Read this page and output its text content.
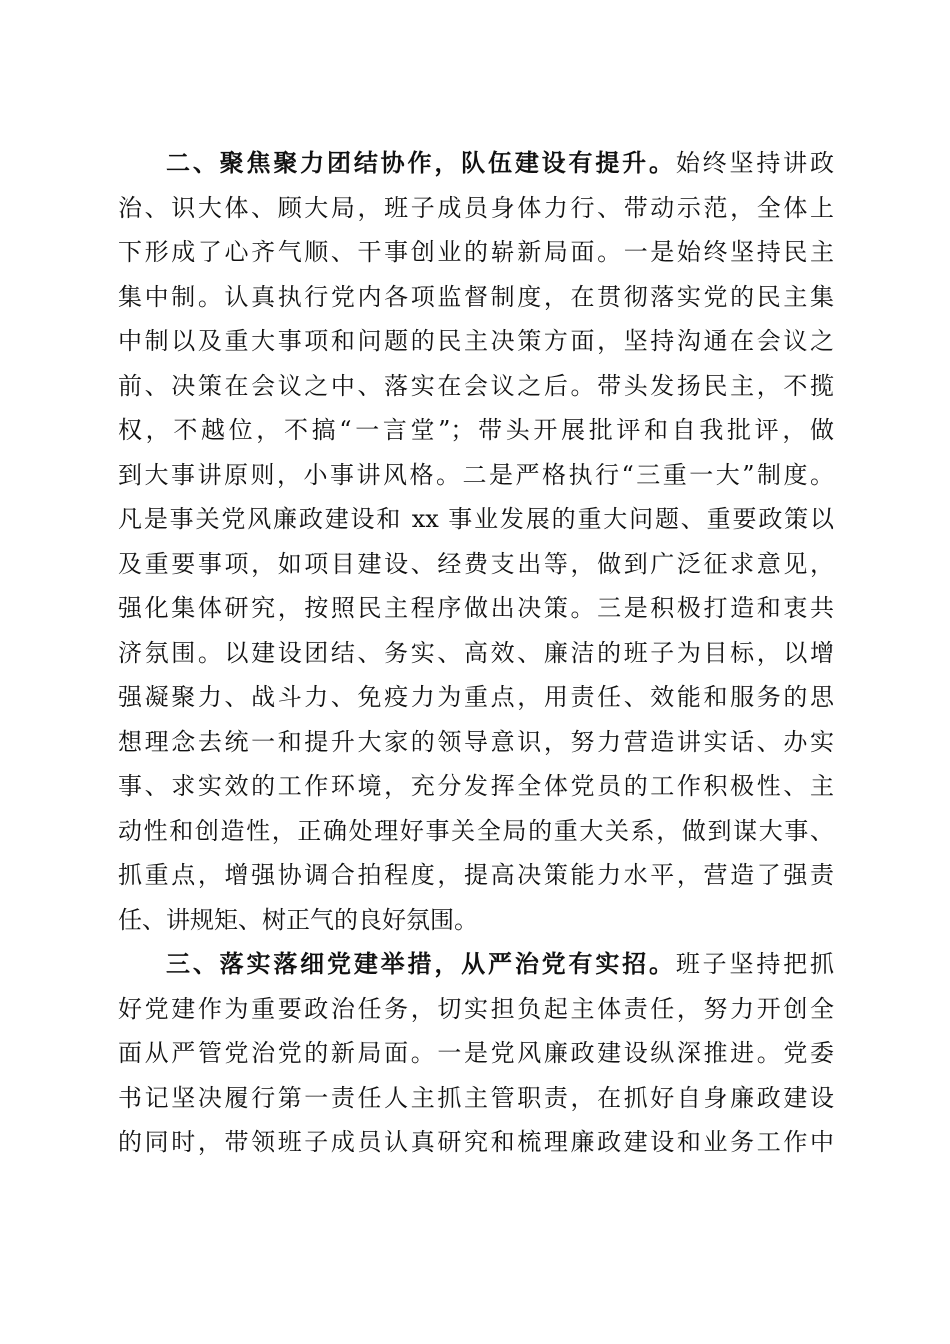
二、聚焦聚力团结协作，队伍建设有提升。始终坚持讲政
治、识大体、顾大局，班子成员身体力行、带动示范，全体上
下形成了心齐气顺、干事创业的崭新局面。一是始终坚持民主
集中制。认真执行党内各项监督制度，在贯彻落实党的民主集
中制以及重大事项和问题的民主决策方面，坚持沟通在会议之
前、决策在会议之中、落实在会议之后。带头发扬民主，不揽
权，不越位，不搞“一言堂”；带头开展批评和自我批评，做
到大事讲原则，小事讲风格。二是严格执行“三重一大”制度。
凡是事关党风廉政建设和 xx 事业发展的重大问题、重要政策以
及重要事项，如项目建设、经费支出等，做到广泛征求意见，
强化集体研究，按照民主程序做出决策。三是积极打造和衷共
济氛围。以建设团结、务实、高效、廉洁的班子为目标，以增
强凝聚力、战斗力、免疫力为重点，用责任、效能和服务的思
想理念去统一和提升大家的领导意识，努力营造讲实话、办实
事、求实效的工作环境，充分发挥全体党员的工作积极性、主
动性和创造性，正确处理好事关全局的重大关系，做到谋大事、
抓重点，增强协调合拍程度，提高决策能力水平，营造了强责
任、讲规矩、树正气的良好氛围。
三、落实落细党建举措，从严治党有实招。班子坚持把抓
好党建作为重要政治任务，切实担负起主体责任，努力开创全
面从严管党治党的新局面。一是党风廉政建设纵深推进。党委
书记坚决履行第一责任人主抓主管职责，在抓好自身廉政建设
的同时，带领班子成员认真研究和梳理廉政建设和业务工作中
